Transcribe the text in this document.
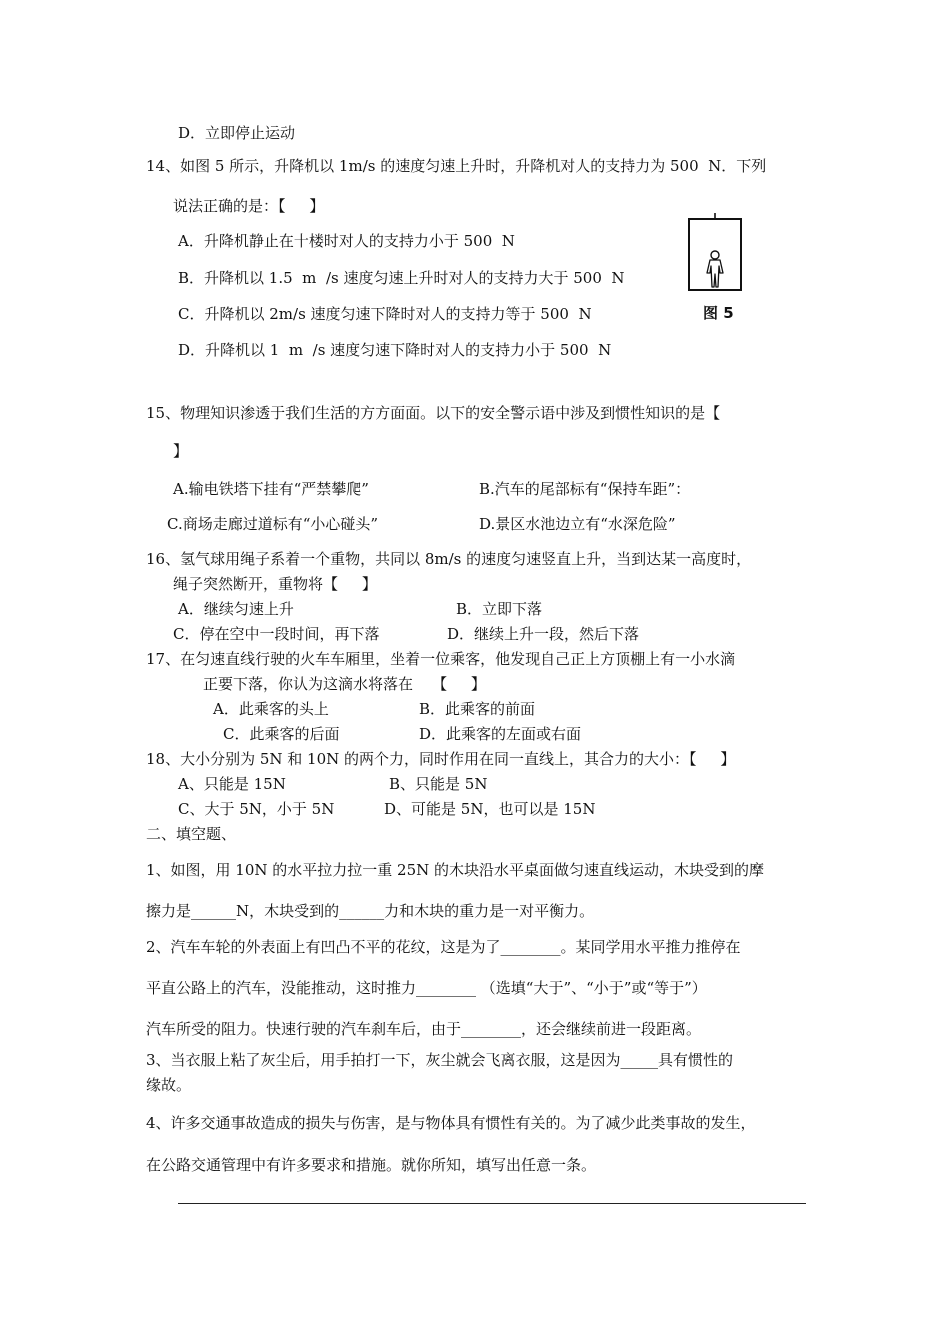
D．立即停止运动
14、如图 5 所示，升降机以 1m/s 的速度匀速上升时，升降机对人的支持力为 500  N．下列
说法正确的是：【     】
A．升降机静止在十楼时对人的支持力小于 500  N
B．升降机以 1.5  m  /s 速度匀速上升时对人的支持力大于 500  N
C．升降机以 2m/s 速度匀速下降时对人的支持力等于 500  N
D．升降机以 1  m  /s 速度匀速下降时对人的支持力小于 500  N
图 5
15、物理知识渗透于我们生活的方方面面。以下的安全警示语中涉及到惯性知识的是【
】
A.输电铁塔下挂有“严禁攀爬”	B.汽车的尾部标有“保持车距”：
C.商场走廊过道标有“小心碰头”	D.景区水池边立有“水深危险”
16、氢气球用绳子系着一个重物，共同以 8m/s 的速度匀速竖直上升，当到达某一高度时，
绳子突然断开，重物将【     】
A．继续匀速上升	B．立即下落
C．停在空中一段时间，再下落	D．继续上升一段，然后下落
17、在匀速直线行驶的火车车厢里，坐着一位乘客，他发现自己正上方顶棚上有一小水滴
正要下落，你认为这滴水将落在    【     】
A．此乘客的头上	B．此乘客的前面
C．此乘客的后面	D．此乘客的左面或右面
18、大小分别为 5N 和 10N 的两个力，同时作用在同一直线上，其合力的大小：【     】
A、只能是 15N	B、只能是 5N
C、大于 5N，小于 5N	D、可能是 5N，也可以是 15N
二、填空题、
1、如图，用 10N 的水平拉力拉一重 25N 的木块沿水平桌面做匀速直线运动，木块受到的摩
擦力是______N，木块受到的______力和木块的重力是一对平衡力。
2、汽车车轮的外表面上有凹凸不平的花纹，这是为了________。某同学用水平推力推停在
平直公路上的汽车，没能推动，这时推力________ （选填“大于”、“小于”或“等于”）
汽车所受的阻力。快速行驶的汽车刹车后，由于________，还会继续前进一段距离。
3、当衣服上粘了灰尘后，用手拍打一下，灰尘就会飞离衣服，这是因为_____具有惯性的
缘故。
4、许多交通事故造成的损失与伤害，是与物体具有惯性有关的。为了减少此类事故的发生，
在公路交通管理中有许多要求和措施。就你所知，填写出任意一条。
